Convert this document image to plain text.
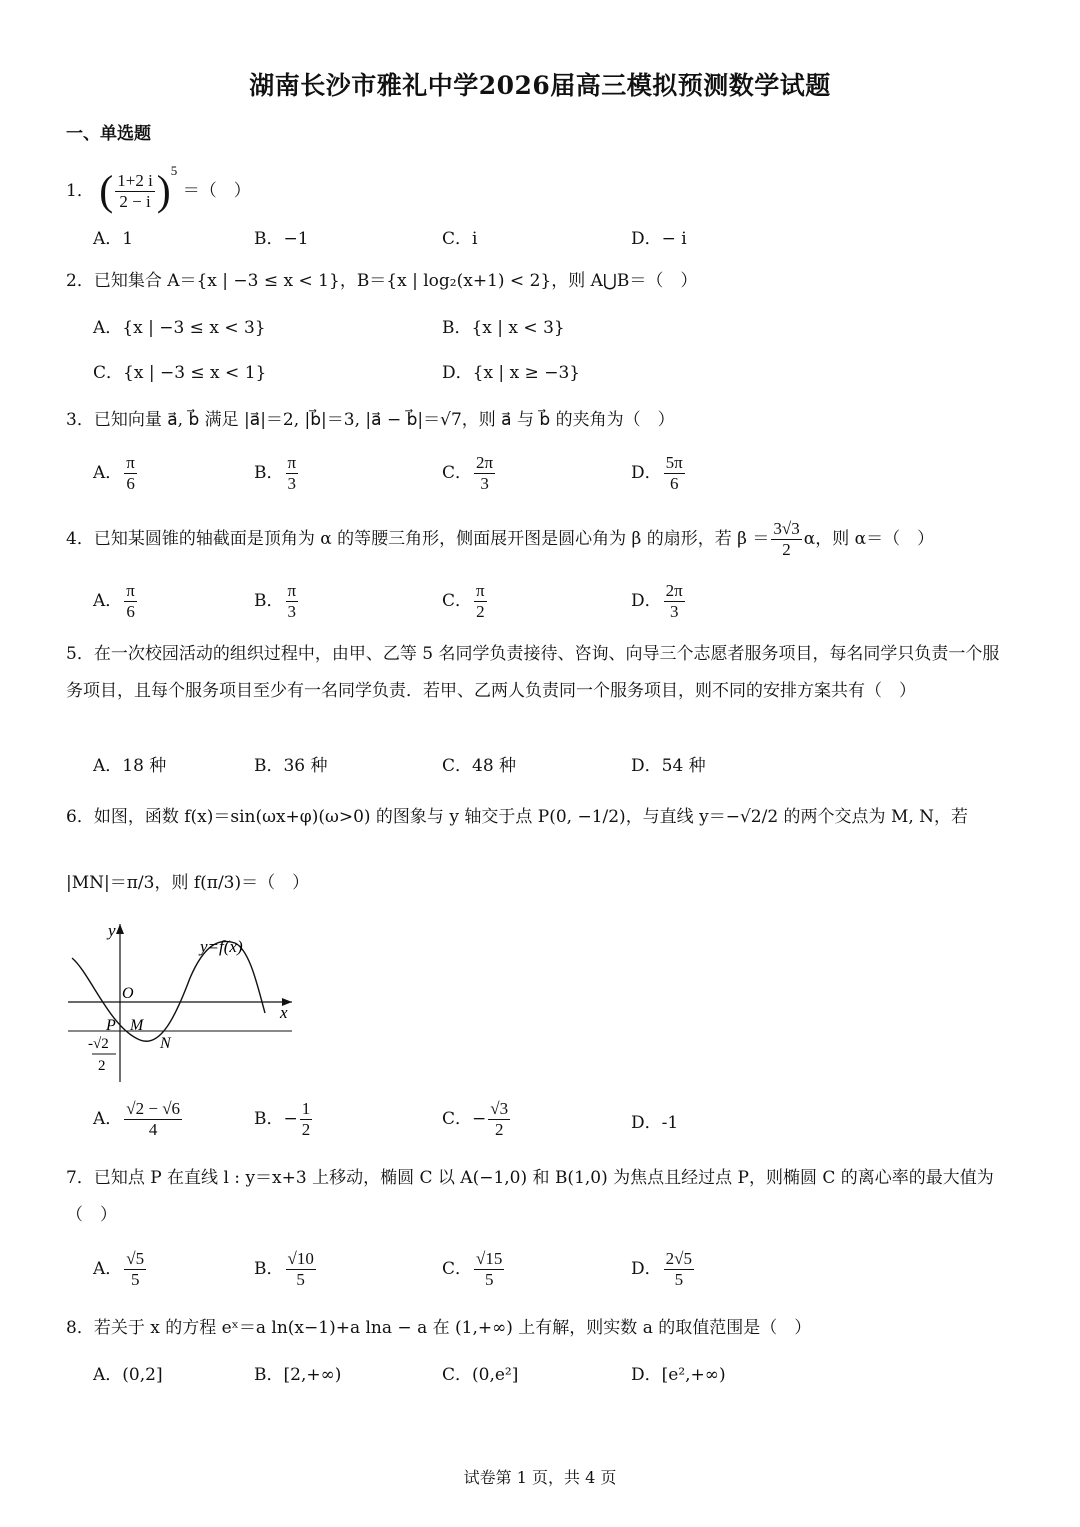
湖南长沙市雅礼中学2026届高三模拟预测数学试题
一、单选题
1． ( $\frac{1+2 i}{2 - i} )^5$ ＝（　）
A．1	B．−1	C．i	D．− i
2．已知集合 A＝{x | −3 ≤ x < 1}，B＝{x | log₂(x+1) < 2}，则 A⋃B＝（　）
A．{x | −3 ≤ x < 3}	B．{x | x < 3}
C．{x | −3 ≤ x < 1}	D．{x | x ≥ −3}
3．已知向量 a⃗, b⃗ 满足 |a⃗|＝2, |b⃗|＝3, |a⃗ − b⃗|＝√7，则 a⃗ 与 b⃗ 的夹角为（　）
A． $\frac{\pi}{6}$	B． $\frac{\pi}{3}$	C． $\frac{2\pi}{3}$	D． $\frac{5\pi}{6}$
4．已知某圆锥的轴截面是顶角为 α 的等腰三角形，侧面展开图是圆心角为 β 的扇形，若 $\beta = \frac{3√3}{2}$ α，则 α＝（　）
A． $\frac{\pi}{6}$	B． $\frac{\pi}{3}$	C． $\frac{\pi}{2}$	D． $\frac{2\pi}{3}$
5．在一次校园活动的组织过程中，由甲、乙等 5 名同学负责接待、咨询、向导三个志愿者服务项目，每名同学只负责一个服务项目，且每个服务项目至少有一名同学负责．若甲、乙两人负责同一个服务项目，则不同的安排方案共有（　）
A．18 种	B．36 种	C．48 种	D．54 种
6．如图，函数 f(x)＝sin(ωx+φ)(ω>0) 的图象与 y 轴交于点 P(0, −1/2)，与直线 y＝−√2/2 的两个交点为 M, N，若
|MN|＝π/3，则 f(π/3)＝（　）
y
x
y=f(x)
O
P M
N
-√2
2
A． $\frac{√2 - √6}{4}$	B．− $\frac{1}{2}$	C．− $\frac{√3}{2}$	D．-1
7．已知点 P 在直线 l : y＝x+3 上移动，椭圆 C 以 A(−1,0) 和 B(1,0) 为焦点且经过点 P，则椭圆 C 的离心率的最大值为（　）
A． $\frac{√5}{5}$	B． $\frac{√10}{5}$	C． $\frac{√15}{5}$	D． $\frac{2√5}{5}$
8．若关于 x 的方程 eˣ＝a ln(x−1)+a lna − a 在 (1,+∞) 上有解，则实数 a 的取值范围是（　）
A．(0,2]	B．[2,+∞)	C．(0,e²]	D．[e²,+∞)
试卷第 1 页，共 4 页
